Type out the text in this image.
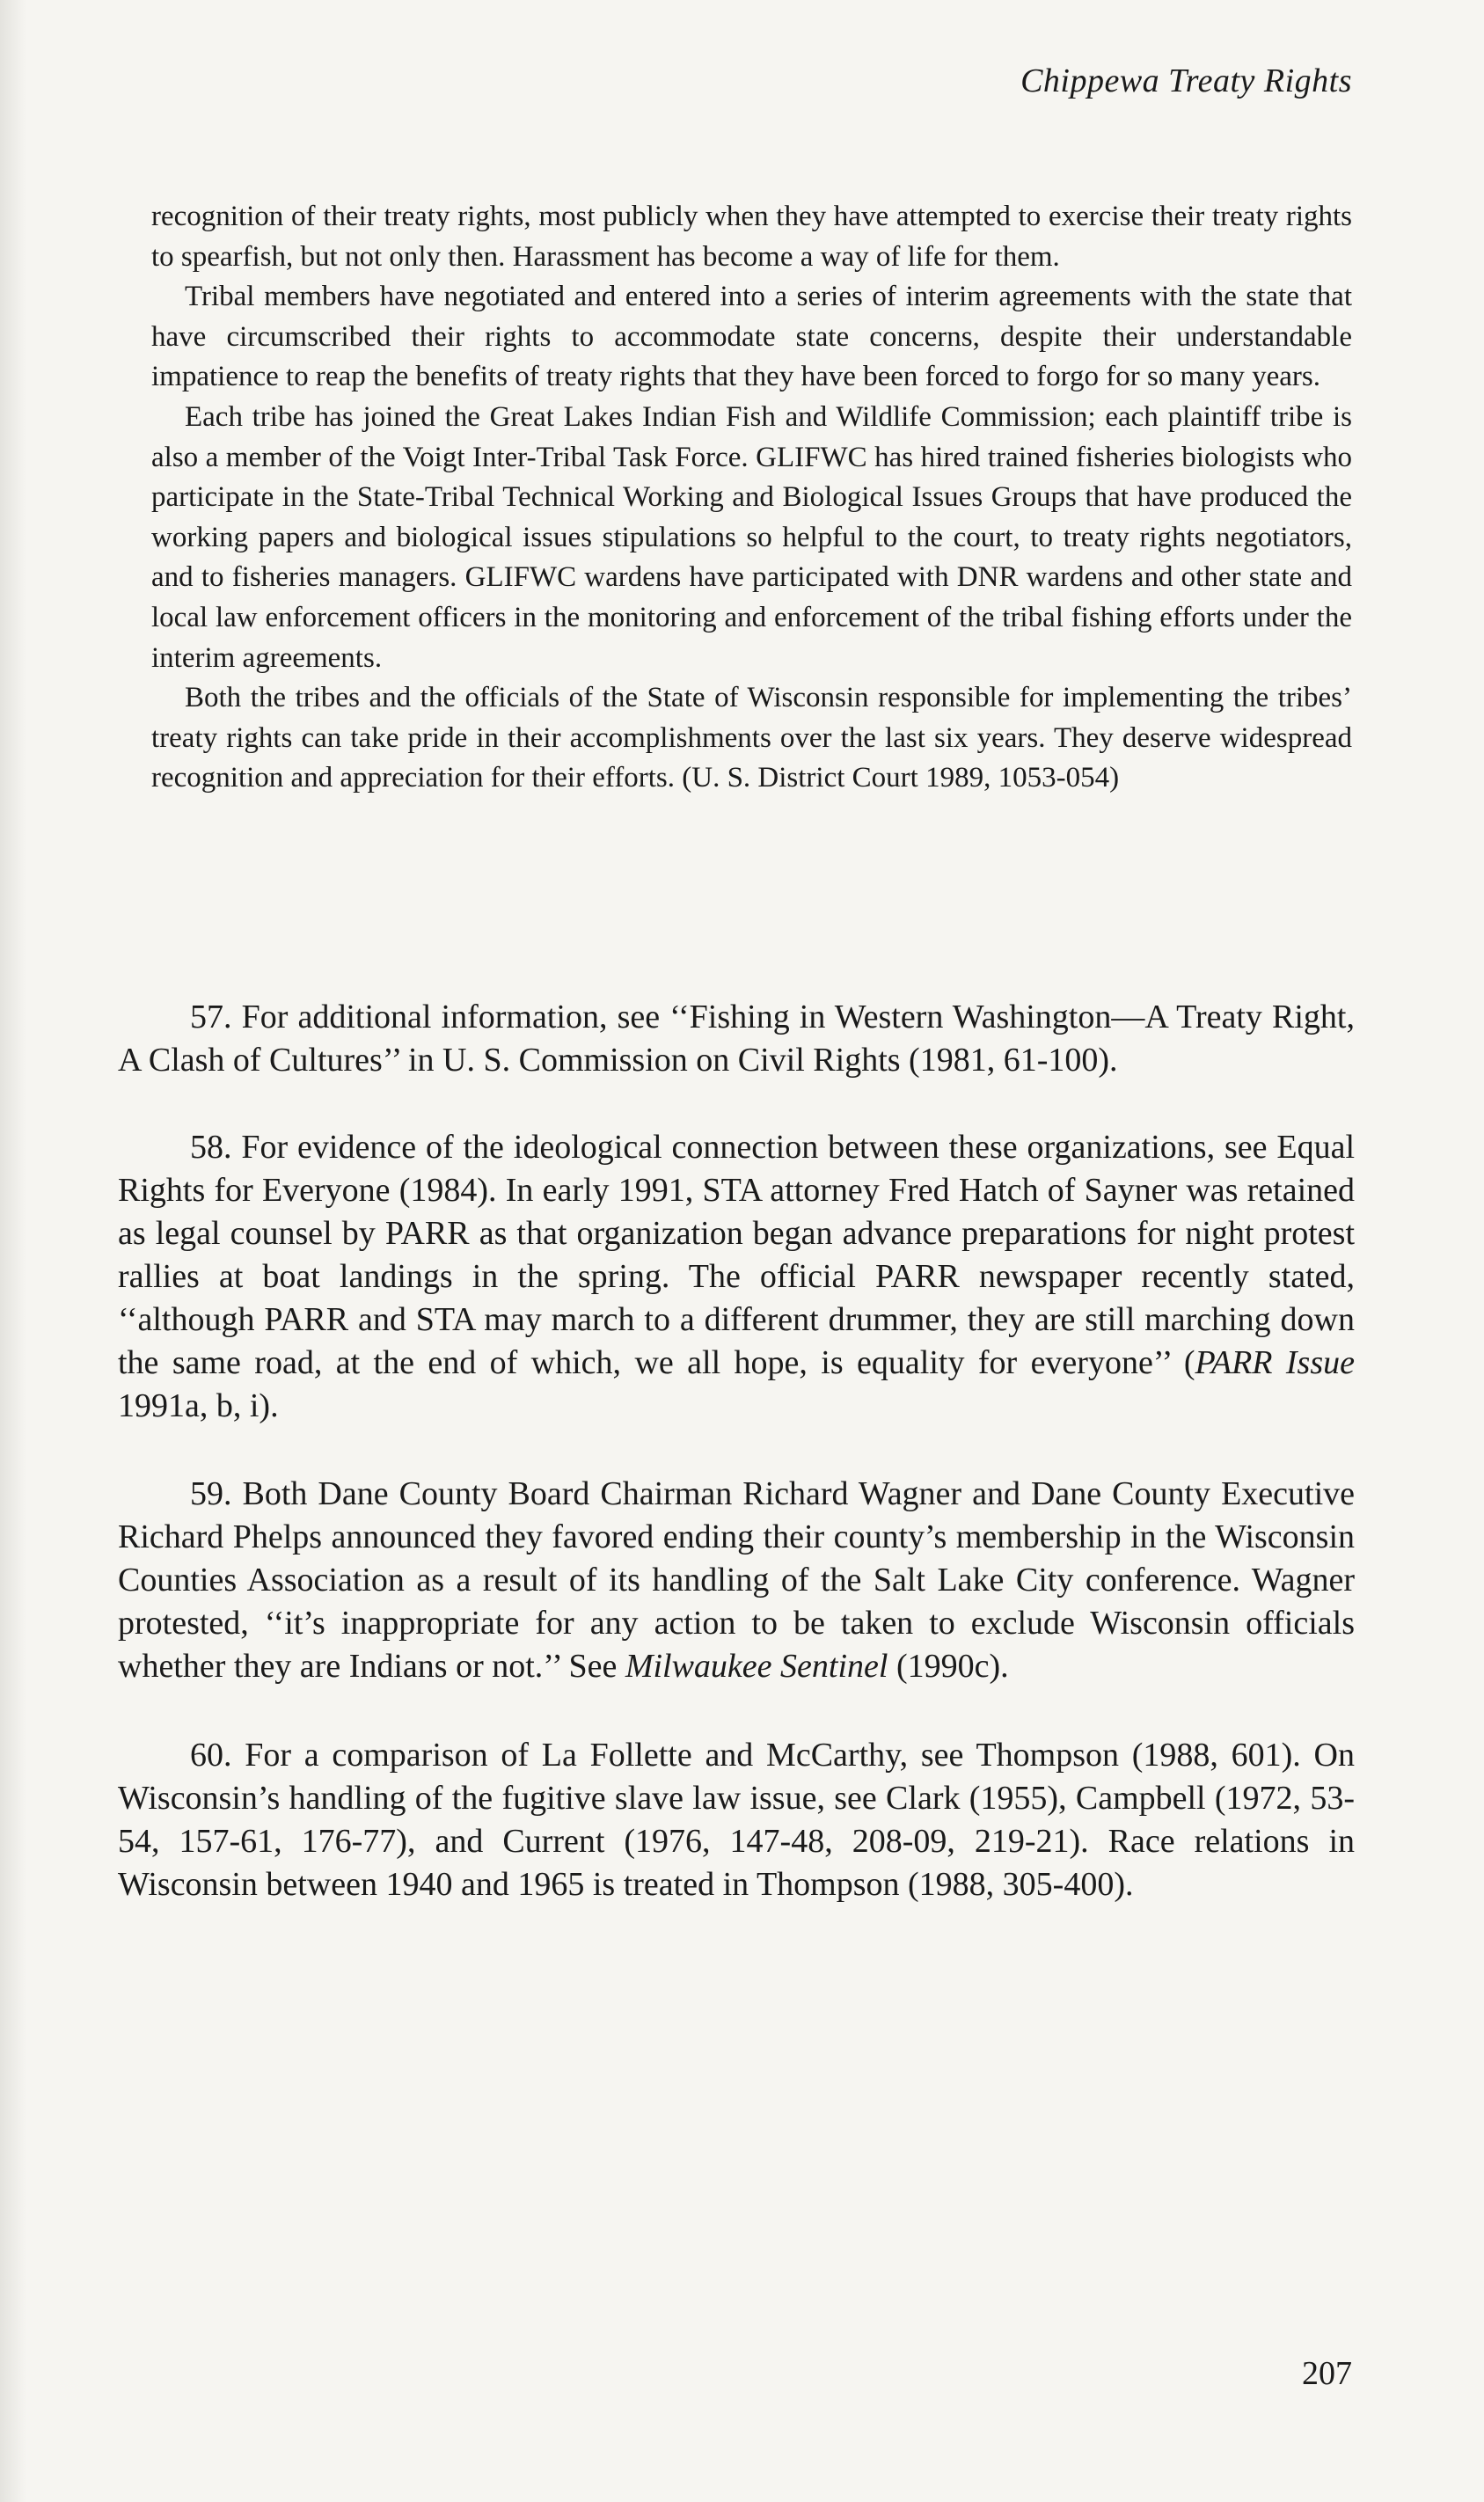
Chippewa Treaty Rights

recognition of their treaty rights, most publicly when they have attempted to exercise their treaty rights to spearfish, but not only then. Harassment has become a way of life for them.

Tribal members have negotiated and entered into a series of interim agreements with the state that have circumscribed their rights to accommodate state concerns, despite their understandable impatience to reap the benefits of treaty rights that they have been forced to forgo for so many years.

Each tribe has joined the Great Lakes Indian Fish and Wildlife Commission; each plaintiff tribe is also a member of the Voigt Inter-Tribal Task Force. GLIFWC has hired trained fisheries biologists who participate in the State-Tribal Technical Working and Biological Issues Groups that have produced the working papers and biological issues stipulations so helpful to the court, to treaty rights negotiators, and to fisheries managers. GLIFWC wardens have participated with DNR wardens and other state and local law enforcement officers in the monitoring and enforcement of the tribal fishing efforts under the interim agreements.

Both the tribes and the officials of the State of Wisconsin responsible for implementing the tribes’ treaty rights can take pride in their accomplishments over the last six years. They deserve widespread recognition and appreciation for their efforts. (U. S. District Court 1989, 1053-054)

57. For additional information, see ‘‘Fishing in Western Washington—A Treaty Right, A Clash of Cultures’’ in U. S. Commission on Civil Rights (1981, 61-100).

58. For evidence of the ideological connection between these organizations, see Equal Rights for Everyone (1984). In early 1991, STA attorney Fred Hatch of Sayner was retained as legal counsel by PARR as that organization began advance preparations for night protest rallies at boat landings in the spring. The official PARR newspaper recently stated, ‘‘although PARR and STA may march to a different drummer, they are still marching down the same road, at the end of which, we all hope, is equality for everyone’’ (PARR Issue 1991a, b, i).

59. Both Dane County Board Chairman Richard Wagner and Dane County Executive Richard Phelps announced they favored ending their county’s membership in the Wisconsin Counties Association as a result of its handling of the Salt Lake City conference. Wagner protested, ‘‘it’s inappropriate for any action to be taken to exclude Wisconsin officials whether they are Indians or not.’’ See Milwaukee Sentinel (1990c).

60. For a comparison of La Follette and McCarthy, see Thompson (1988, 601). On Wisconsin’s handling of the fugitive slave law issue, see Clark (1955), Campbell (1972, 53-54, 157-61, 176-77), and Current (1976, 147-48, 208-09, 219-21). Race relations in Wisconsin between 1940 and 1965 is treated in Thompson (1988, 305-400).

207
